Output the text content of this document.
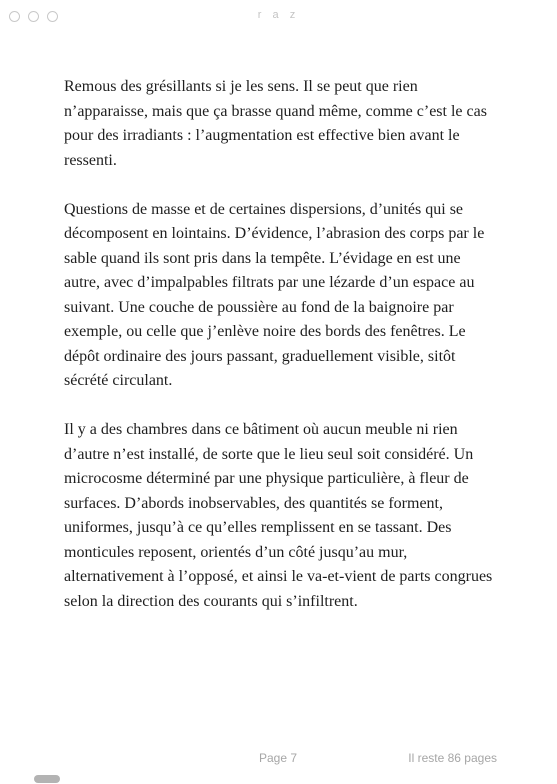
r a z

Remous des grésillants si je les sens. Il se peut que rien n’apparaisse, mais que ça brasse quand même, comme c’est le cas pour des irradiants : l’augmentation est effective bien avant le ressenti.

Questions de masse et de certaines dispersions, d’unités qui se décomposent en lointains. D’évidence, l’abrasion des corps par le sable quand ils sont pris dans la tempête. L’évidage en est une autre, avec d’impalpables filtrats par une lézarde d’un espace au suivant. Une couche de poussière au fond de la baignoire par exemple, ou celle que j’enlève noire des bords des fenêtres. Le dépôt ordinaire des jours passant, graduellement visible, sitôt sécrété circulant.

Il y a des chambres dans ce bâtiment où aucun meuble ni rien d’autre n’est installé, de sorte que le lieu seul soit considéré. Un microcosme déterminé par une physique particulière, à fleur de surfaces. D’abords inobservables, des quantités se forment, uniformes, jusqu’à ce qu’elles remplissent en se tassant. Des monticules reposent, orientés d’un côté jusqu’au mur, alternativement à l’opposé, et ainsi le va-et-vient de parts congrues selon la direction des courants qui s’infiltrent.

Page 7	Il reste 86 pages
